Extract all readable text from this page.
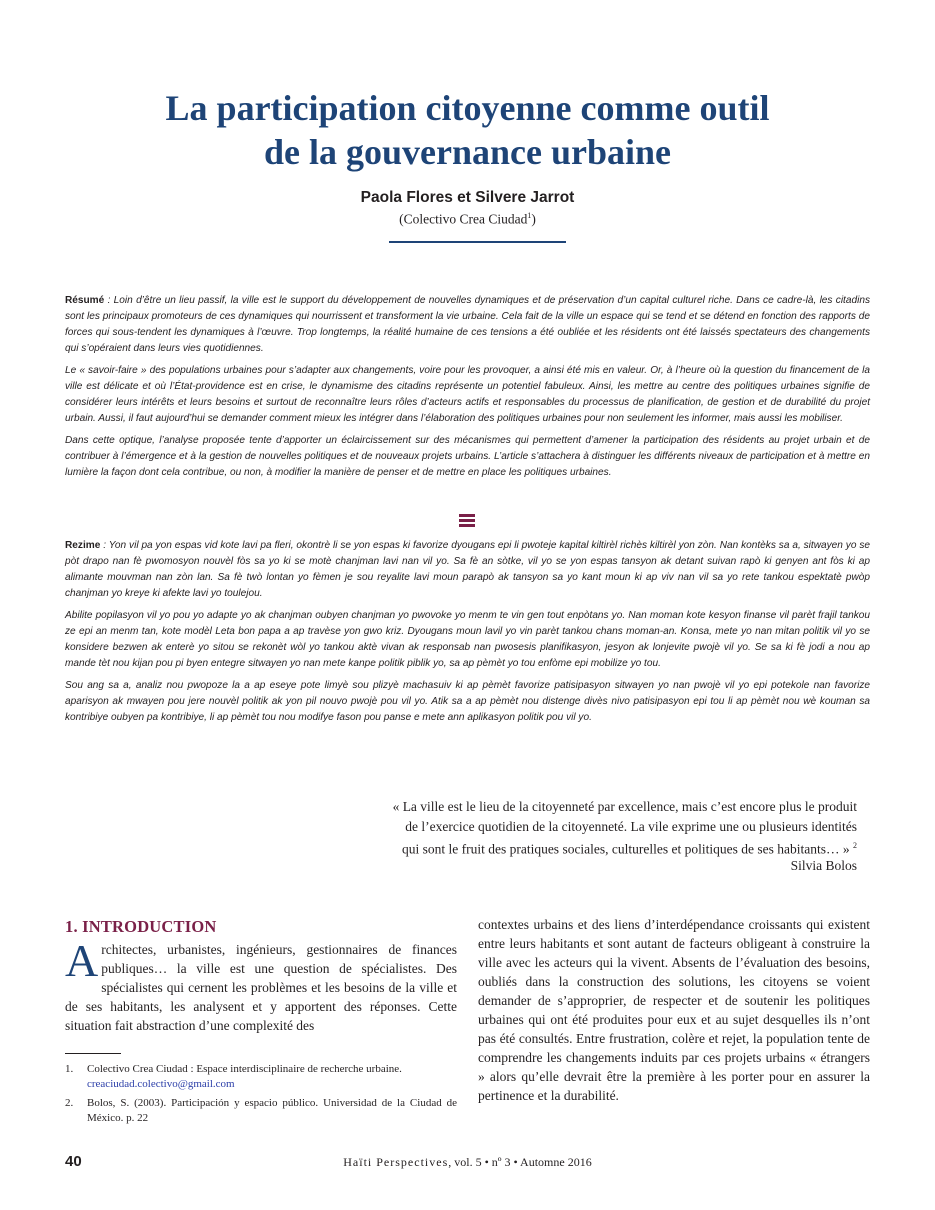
La participation citoyenne comme outil
de la gouvernance urbaine
Paola Flores et Silvere Jarrot
(Colectivo Crea Ciudad$^1$)

Résumé : Loin d’être un lieu passif, la ville est le support du développement de nouvelles dynamiques et de préservation d’un capital culturel riche. Dans ce cadre-là, les citadins sont les principaux promoteurs de ces dynamiques qui nourrissent et transforment la vie urbaine. Cela fait de la ville un espace qui se tend et se détend en fonction des rapports de forces qui sous-tendent les dynamiques à l’œuvre. Trop longtemps, la réalité humaine de ces tensions a été oubliée et les résidents ont été laissés spectateurs des changements qui s’opéraient dans leurs vies quotidiennes.

Le « savoir-faire » des populations urbaines pour s’adapter aux changements, voire pour les provoquer, a ainsi été mis en valeur. Or, à l’heure où la question du financement de la ville est délicate et où l’État-providence est en crise, le dynamisme des citadins représente un potentiel fabuleux. Ainsi, les mettre au centre des politiques urbaines signifie de considérer leurs intérêts et leurs besoins et surtout de reconnaître leurs rôles d’acteurs actifs et responsables du processus de planification, de gestion et de durabilité du projet urbain. Aussi, il faut aujourd’hui se demander comment mieux les intégrer dans l’élaboration des politiques urbaines pour non seulement les informer, mais aussi les mobiliser.

Dans cette optique, l’analyse proposée tente d’apporter un éclaircissement sur des mécanismes qui permettent d’amener la participation des résidents au projet urbain et de contribuer à l’émergence et à la gestion de nouvelles politiques et de nouveaux projets urbains. L’article s’attachera à distinguer les différents niveaux de participation et à mettre en lumière la façon dont cela contribue, ou non, à modifier la manière de penser et de mettre en place les politiques urbaines.

Rezime : Yon vil pa yon espas vid kote lavi pa fleri, okontrè li se yon espas ki favorize dyougans epi li pwoteje kapital kiltirèl richès kiltirèl yon zòn. Nan kontèks sa a, sitwayen yo se pòt drapo nan fè pwomosyon nouvèl fòs sa yo ki se motè chanjman lavi nan vil yo. Sa fè an sòtke, vil yo se yon espas tansyon ak detant suivan rapò ki genyen ant fòs ki ap alimante mouvman nan zòn lan. Sa fè twò lontan yo fèmen je sou reyalite lavi moun parapò ak tansyon sa yo kant moun ki ap viv nan vil sa yo rete tankou espektatè pwòp chanjman yo kreye ki afekte lavi yo toulejou.

Abilite popilasyon vil yo pou yo adapte yo ak chanjman oubyen chanjman yo pwovoke yo menm te vin gen tout enpòtans yo. Nan moman kote kesyon finanse vil parèt frajil tankou ze epi an menm tan, kote modèl Leta bon papa a ap travèse yon gwo kriz. Dyougans moun lavil yo vin parèt tankou chans moman-an. Konsa, mete yo nan mitan politik vil yo se konsidere bezwen ak enterè yo sitou se rekonèt wòl yo tankou aktè vivan ak responsab nan pwosesis planifikasyon, jesyon ak lonjevite pwojè vil yo. Se sa ki fè jodi a nou ap mande tèt nou kijan pou pi byen entegre sitwayen yo nan mete kanpe politik piblik yo, sa ap pèmèt yo tou enfòme epi mobilize yo tou.

Sou ang sa a, analiz nou pwopoze la a ap eseye pote limyè sou plizyè machasuiv ki ap pèmèt favorize patisipasyon sitwayen yo nan pwojè vil yo epi potekole nan favorize aparisyon ak mwayen pou jere nouvèl politik ak yon pil nouvo pwojè pou vil yo. Atik sa a ap pèmèt nou distenge divès nivo patisipasyon epi tou li ap pèmèt nou wè kouman sa kontribiye oubyen pa kontribiye, li ap pèmèt tou nou modifye fason pou panse e mete ann aplikasyon politik pou vil yo.

« La ville est le lieu de la citoyenneté par excellence, mais c’est encore plus le produit
de l’exercice quotidien de la citoyenneté. La vile exprime une ou plusieurs identités
qui sont le fruit des pratiques sociales, culturelles et politiques de ses habitants… » $^2$
Silvia Bolos
1. INTRODUCTION
Architectes, urbanistes, ingénieurs, gestionnaires de finances publiques… la ville est une question de spécialistes. Des spécialistes qui cernent les problèmes et les besoins de la ville et de ses habitants, les analysent et y apportent des réponses. Cette situation fait abstraction d’une complexité des
contextes urbains et des liens d’interdépendance croissants qui existent entre leurs habitants et sont autant de facteurs obligeant à construire la ville avec les acteurs qui la vivent. Absents de l’évaluation des besoins, oubliés dans la construction des solutions, les citoyens se voient demander de s’approprier, de respecter et de soutenir les politiques urbaines qui ont été produites pour eux et au sujet desquelles ils n’ont pas été consultés. Entre frustration, colère et rejet, la population tente de comprendre les changements induits par ces projets urbains « étrangers » alors qu’elle devrait être la première à les porter pour en assurer la pertinence et la durabilité.
1. Colectivo Crea Ciudad : Espace interdisciplinaire de recherche urbaine.
creaciudad.colectivo@gmail.com
2. Bolos, S. (2003). Participación y espacio público. Universidad de la Ciudad de México. p. 22
40	Haïti Perspectives, vol. 5 • nº 3 • Automne 2016
